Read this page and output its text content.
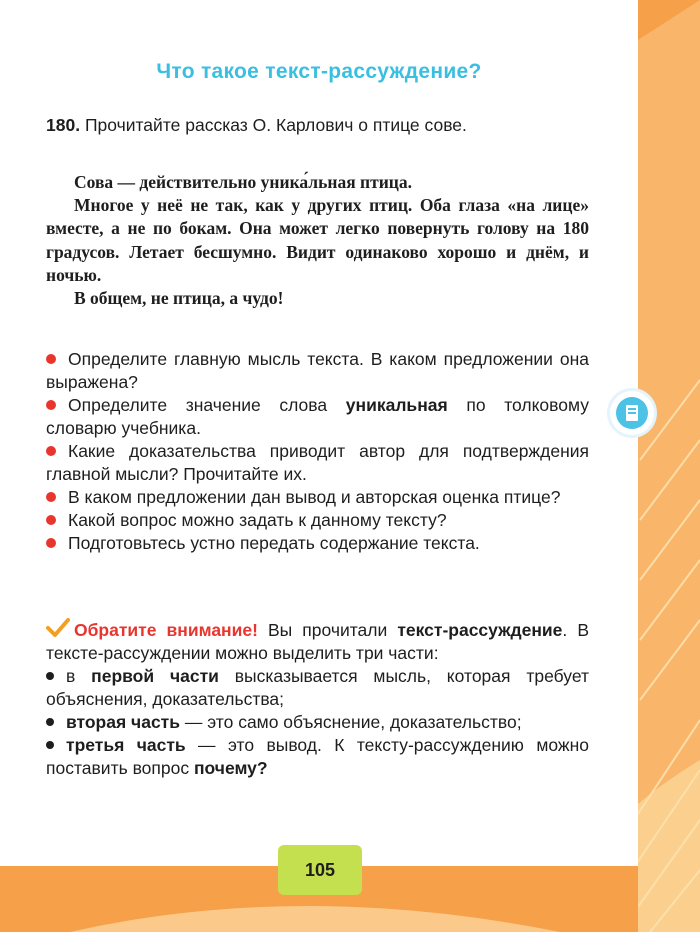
Что такое текст-рассуждение?

180. Прочитайте рассказ О. Карлович о птице сове.

Сова — действительно уника́льная птица.

Многое у неё не так, как у других птиц. Оба глаза «на лице» вместе, а не по бокам. Она может легко повернуть голову на 180 градусов. Летает бесшумно. Видит одинаково хорошо и днём, и ночью.

В общем, не птица, а чудо!

Определите главную мысль текста. В каком предложении она выражена?
Определите значение слова уникальная по толковому словарю учебника.
Какие доказательства приводит автор для подтверждения главной мысли? Прочитайте их.
В каком предложении дан вывод и авторская оценка птице?
Какой вопрос можно задать к данному тексту?
Подготовьтесь устно передать содержание текста.

Обратите внимание! Вы прочитали текст-рассуждение. В тексте-рассуждении можно выделить три части:

в первой части высказывается мысль, которая требует объяснения, доказательства;

вторая часть — это само объяснение, доказательство;

третья часть — это вывод. К тексту-рассуждению можно поставить вопрос почему?

105
